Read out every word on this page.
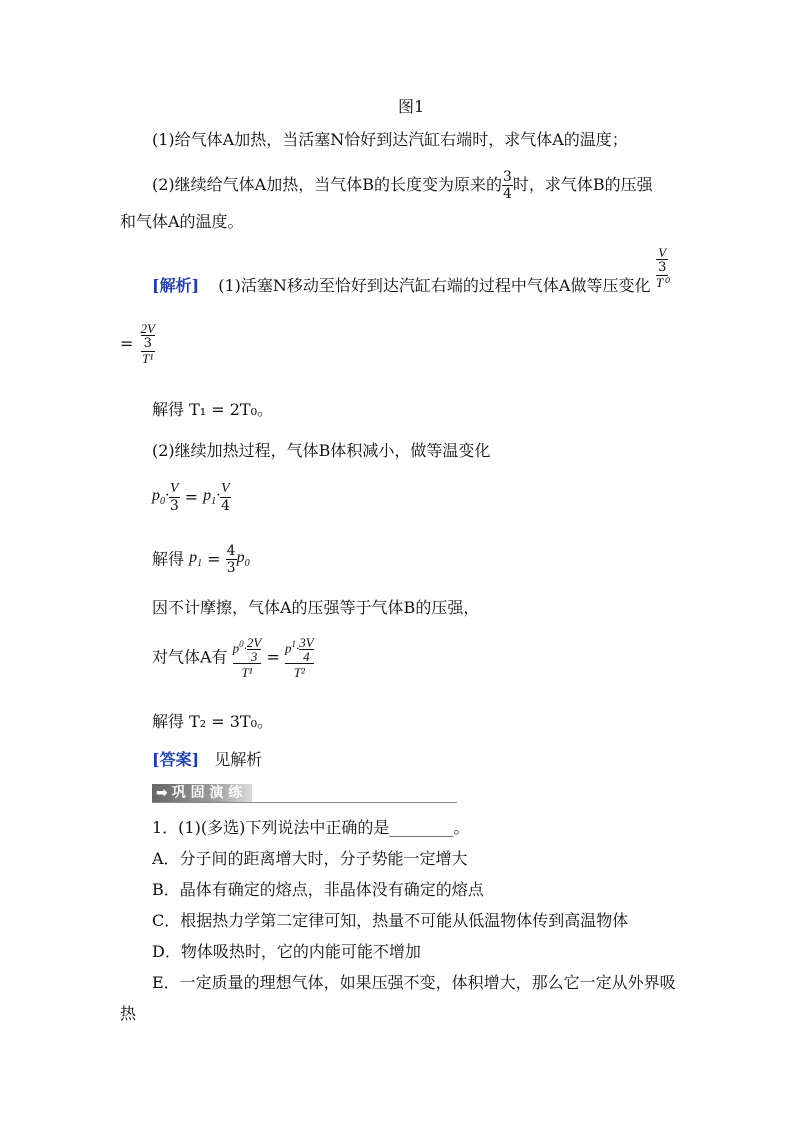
图1
(1)给气体A加热，当活塞N恰好到达汽缸右端时，求气体A的温度；
(2)继续给气体A加热，当气体B的长度变为原来的 $\frac{3}{4}$ 时，求气体B的压强
和气体A的温度。
[解析] (1)活塞N移动至恰好到达汽缸右端的过程中气体A做等压变化
V
3
T⁰
=
2V
3
T¹
解得 T₁ = 2T₀。
(2)继续加热过程，气体B体积减小，做等温变化
$p_0\cdot \frac{V}{3} = p_1\cdot \frac{V}{4}$
解得 $p_1 = \frac{4}{3} p_0$
因不计摩擦，气体A的压强等于气体B的压强，
对气体A有 $\frac{p^0\cdot \frac{2V}{3}}{\text{T¹}} = \frac{p^1\cdot \frac{3V}{4}}{\text{T²}}$
解得 T₂ = 3T₀。
[答案] 见解析
➡ 巩 固 演 练
1．(1)(多选)下列说法中正确的是________。
A．分子间的距离增大时，分子势能一定增大
B．晶体有确定的熔点，非晶体没有确定的熔点
C．根据热力学第二定律可知，热量不可能从低温物体传到高温物体
D．物体吸热时，它的内能可能不增加
E．一定质量的理想气体，如果压强不变，体积增大，那么它一定从外界吸
热
